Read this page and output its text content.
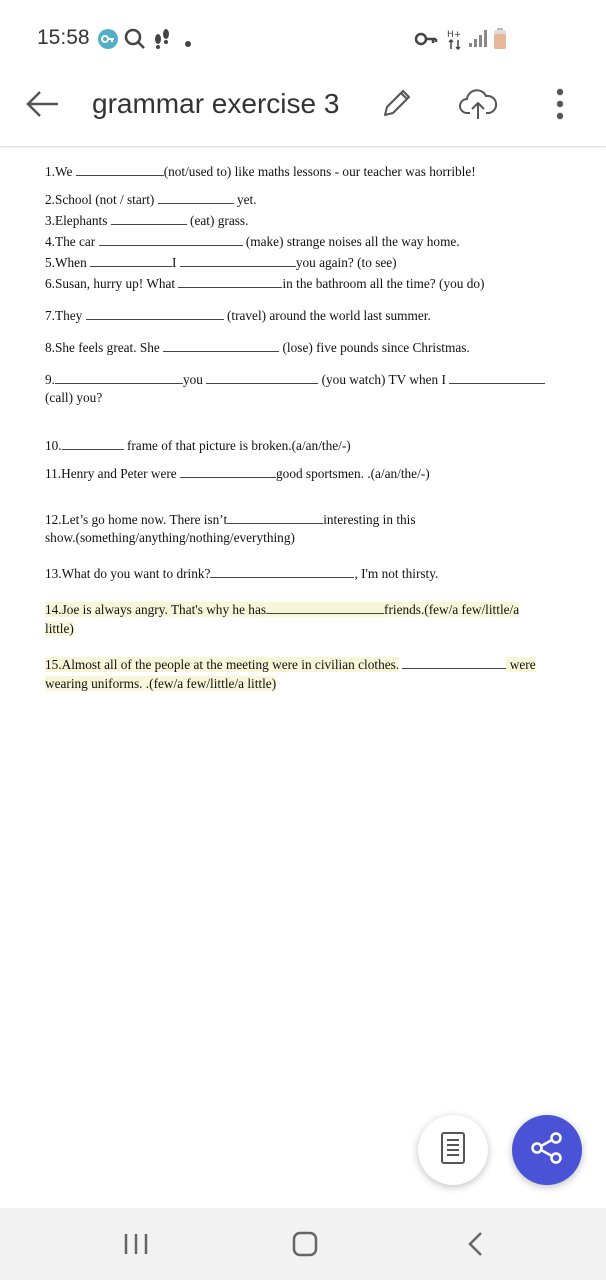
15:58	H+
grammar exercise 3
1.We	(not/used to) like maths lessons - our teacher was horrible!
2.School (not / start)	yet.
3.Elephants	(eat) grass.
4.The car	(make) strange noises all the way home.
5.When	I	you again? (to see)
6.Susan, hurry up! What	in the bathroom all the time? (you do)
7.They	(travel) around the world last summer.
8.She feels great. She	(lose) five pounds since Christmas.
9.	you	(you watch) TV when I
(call) you?
10.	frame of that picture is broken.(a/an/the/-)
11.Henry and Peter were	good sportsmen. .(a/an/the/-)
12.Let’s go home now. There isn’t	interesting in this
show.(something/anything/nothing/everything)
13.What do you want to drink?	, I'm not thirsty.
14.Joe is always angry. That's why he has	friends.(few/a few/little/a
little)
15.Almost all of the people at the meeting were in civilian clothes.	were
wearing uniforms. .(few/a few/little/a little)
